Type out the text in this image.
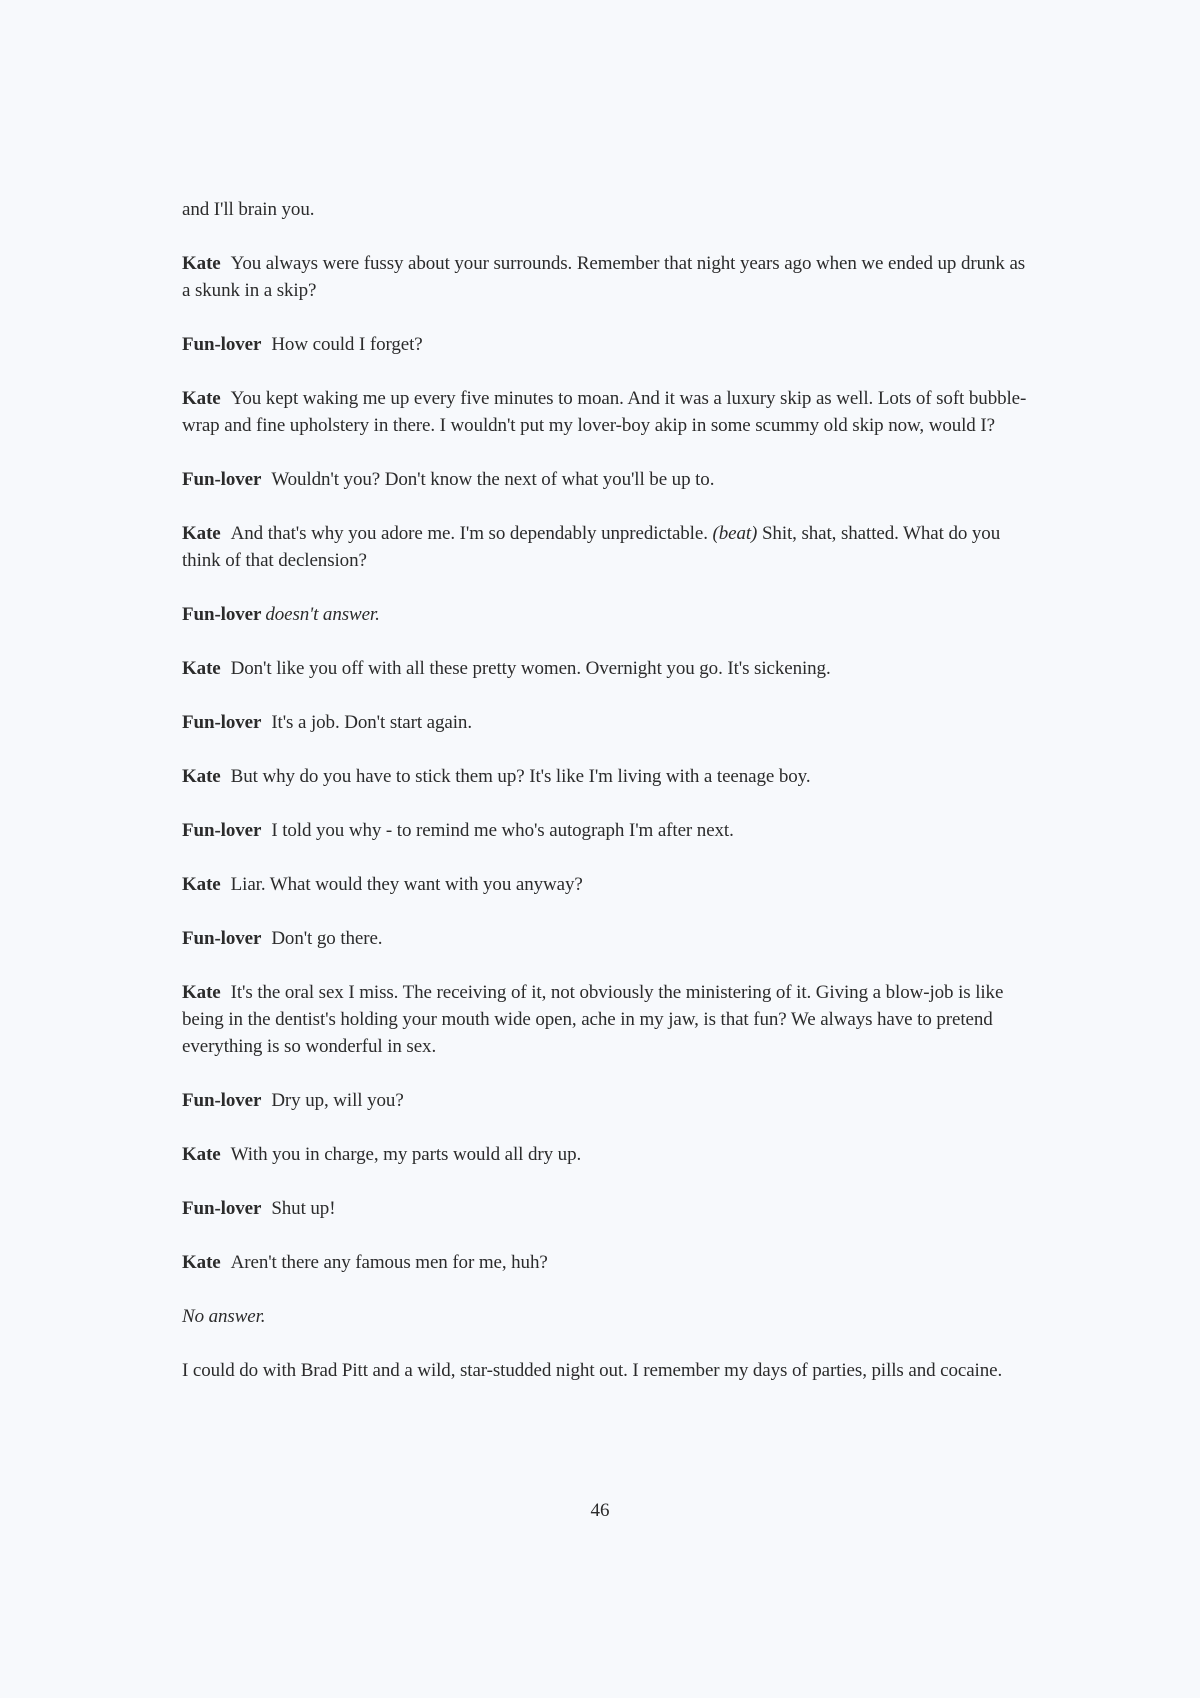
and I'll brain you.

Kate You always were fussy about your surrounds. Remember that night years ago when we ended up drunk as a skunk in a skip?

Fun-lover How could I forget?

Kate You kept waking me up every five minutes to moan. And it was a luxury skip as well. Lots of soft bubble-wrap and fine upholstery in there. I wouldn't put my lover-boy akip in some scummy old skip now, would I?

Fun-lover Wouldn't you? Don't know the next of what you'll be up to.

Kate And that's why you adore me. I'm so dependably unpredictable. (beat) Shit, shat, shatted. What do you think of that declension?

Fun-lover doesn't answer.

Kate Don't like you off with all these pretty women. Overnight you go. It's sickening.

Fun-lover It's a job. Don't start again.

Kate But why do you have to stick them up? It's like I'm living with a teenage boy.

Fun-lover I told you why - to remind me who's autograph I'm after next.

Kate Liar. What would they want with you anyway?

Fun-lover Don't go there.

Kate It's the oral sex I miss. The receiving of it, not obviously the ministering of it. Giving a blow-job is like being in the dentist's holding your mouth wide open, ache in my jaw, is that fun? We always have to pretend everything is so wonderful in sex.

Fun-lover Dry up, will you?

Kate With you in charge, my parts would all dry up.

Fun-lover Shut up!

Kate Aren't there any famous men for me, huh?

No answer.

I could do with Brad Pitt and a wild, star-studded night out. I remember my days of parties, pills and cocaine.

46
